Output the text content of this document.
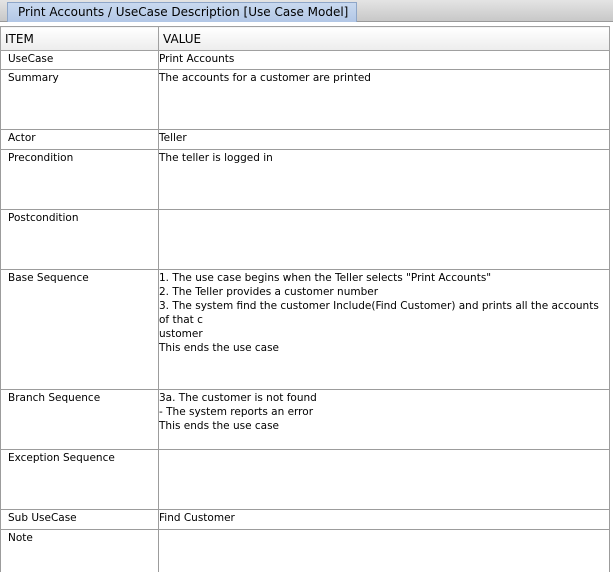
Print Accounts / UseCase Description [Use Case Model]
ITEM	VALUE
UseCase	Print Accounts
Summary	The accounts for a customer are printed
Actor	Teller
Precondition	The teller is logged in
Postcondition	
Base Sequence	1. The use case begins when the Teller selects "Print Accounts"
2. The Teller provides a customer number
3. The system find the customer Include(Find Customer) and prints all the accounts of that c
ustomer
This ends the use case
Branch Sequence	3a. The customer is not found
- The system reports an error
This ends the use case
Exception Sequence	
Sub UseCase	Find Customer
Note	
